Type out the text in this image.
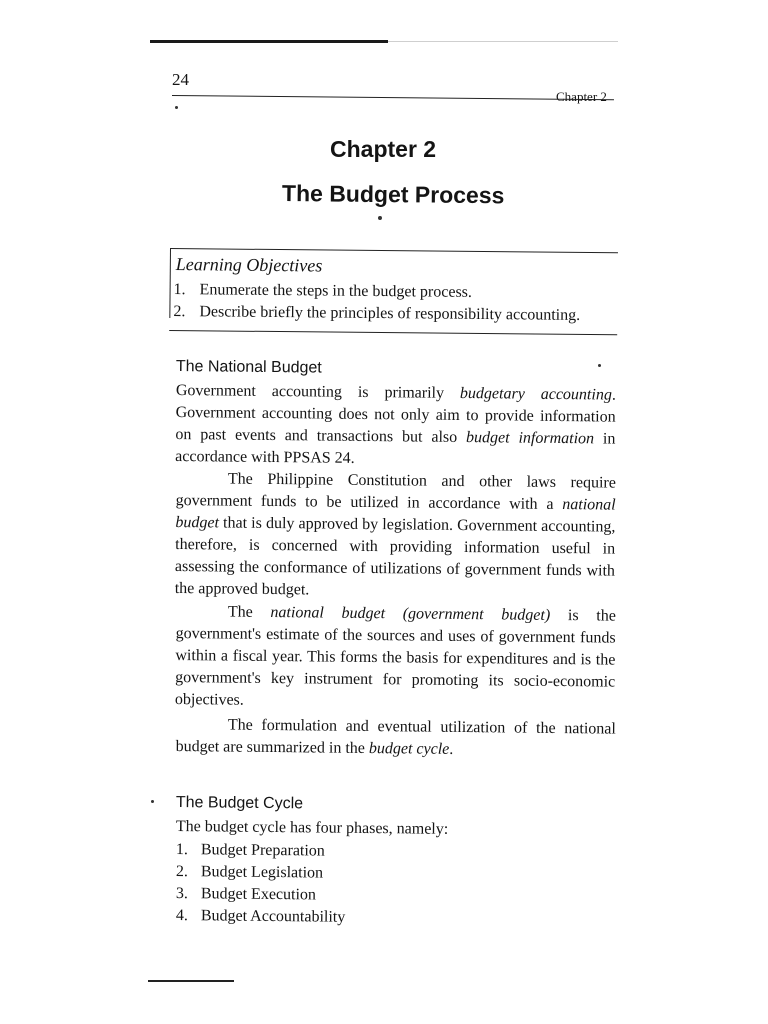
24
Chapter 2
Chapter 2
The Budget Process
Learning Objectives
1. Enumerate the steps in the budget process.
2. Describe briefly the principles of responsibility accounting.
The National Budget
Government accounting is primarily budgetary accounting. Government accounting does not only aim to provide information on past events and transactions but also budget information in accordance with PPSAS 24.
The Philippine Constitution and other laws require government funds to be utilized in accordance with a national budget that is duly approved by legislation. Government accounting, therefore, is concerned with providing information useful in assessing the conformance of utilizations of government funds with the approved budget.
The national budget (government budget) is the government's estimate of the sources and uses of government funds within a fiscal year. This forms the basis for expenditures and is the government's key instrument for promoting its socio-economic objectives.
The formulation and eventual utilization of the national budget are summarized in the budget cycle.
The Budget Cycle
The budget cycle has four phases, namely:
1. Budget Preparation
2. Budget Legislation
3. Budget Execution
4. Budget Accountability
